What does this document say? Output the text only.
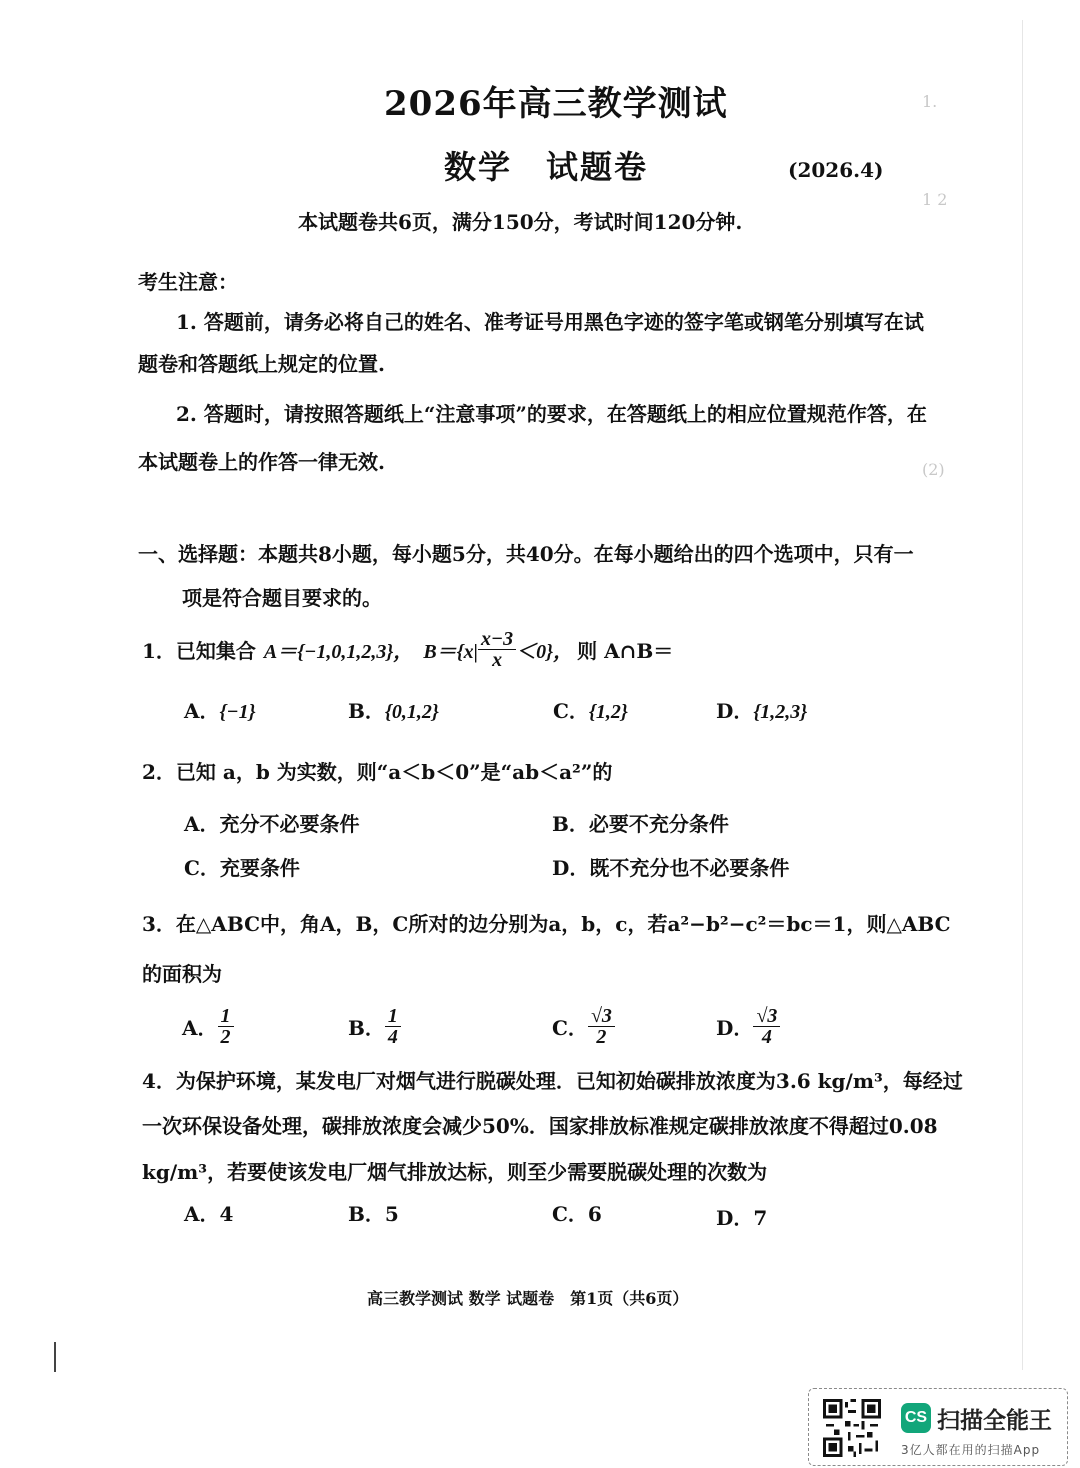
1.
1 2
(2)
2026年高三教学测试
数学　试题卷	(2026.4)
本试题卷共6页，满分150分，考试时间120分钟.
考生注意：
1. 答题前，请务必将自己的姓名、准考证号用黑色字迹的签字笔或钢笔分别填写在试
题卷和答题纸上规定的位置.
2. 答题时，请按照答题纸上“注意事项”的要求，在答题纸上的相应位置规范作答，在
本试题卷上的作答一律无效.
一、选择题：本题共8小题，每小题5分，共40分。在每小题给出的四个选项中，只有一
项是符合题目要求的。
1．已知集合 A＝{−1,0,1,2,3}， $B=\{x| \frac{x-3}{x} <0\}$， 则 A∩B＝
A．{−1}	B．{0,1,2}	C．{1,2}	D．{1,2,3}
2．已知 a，b 为实数，则“a＜b＜0”是“ab＜a²”的
A．充分不必要条件	B．必要不充分条件
C．充要条件	D．既不充分也不必要条件
3．在△ABC中，角A，B，C所对的边分别为a，b，c，若a²−b²−c²＝bc＝1，则△ABC
的面积为
A． $\frac{1}{2}$	B． $\frac{1}{4}$	C． $\frac{√3}{2}$	D． $\frac{√3}{4}$
4．为保护环境，某发电厂对烟气进行脱碳处理．已知初始碳排放浓度为3.6 kg/m³，每经过
一次环保设备处理，碳排放浓度会减少50%．国家排放标准规定碳排放浓度不得超过0.08
kg/m³，若要使该发电厂烟气排放达标，则至少需要脱碳处理的次数为
A．4	B．5	C．6	D．7
高三教学测试 数学 试题卷　第1页（共6页）
CS 扫描全能王
3亿人都在用的扫描App
